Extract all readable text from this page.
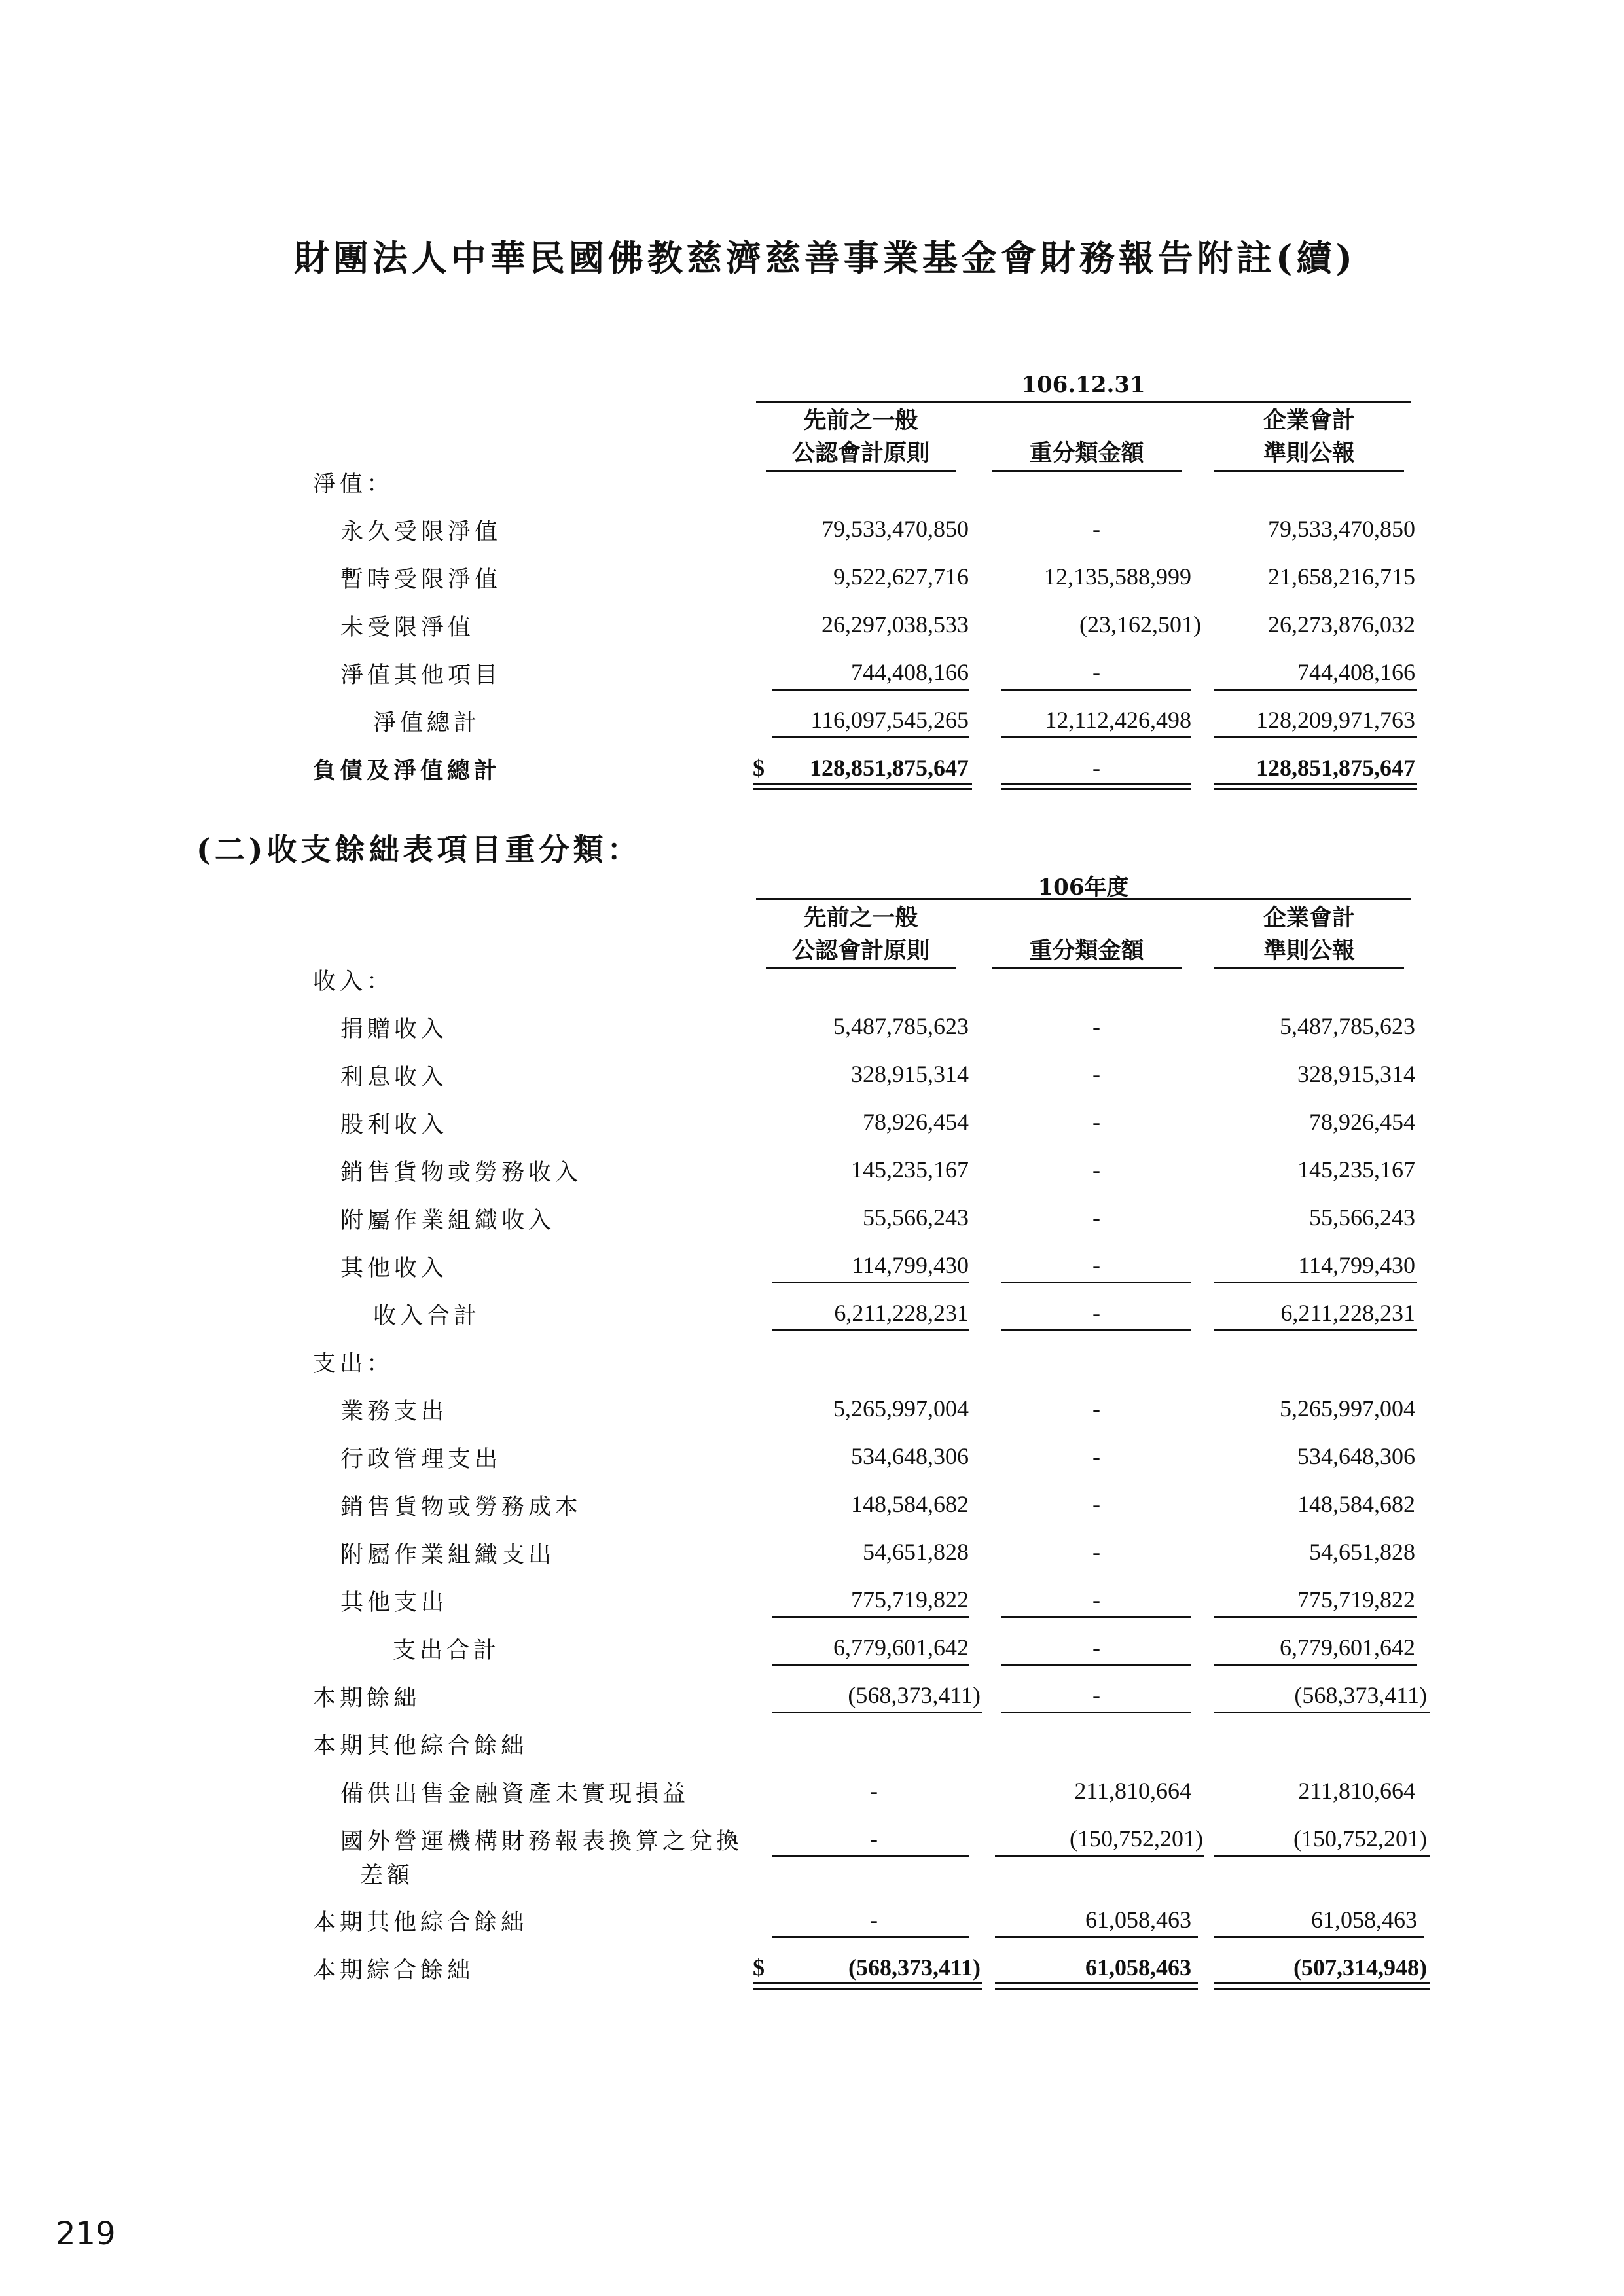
財團法人中華民國佛教慈濟慈善事業基金會財務報告附註(續)
106.12.31
先前之一般
公認會計原則	重分類金額
企業會計
準則公報
淨值：
永久受限淨值	79,533,470,850	-	79,533,470,850
暫時受限淨值	9,522,627,716	12,135,588,999	21,658,216,715
未受限淨值	26,297,038,533	(23,162,501)	26,273,876,032
淨值其他項目	744,408,166	-	744,408,166
淨值總計	116,097,545,265	12,112,426,498	128,209,971,763
負債及淨值總計	$	128,851,875,647	-	128,851,875,647
(二)收支餘絀表項目重分類：
106年度
先前之一般
公認會計原則	重分類金額
企業會計
準則公報
收入：
捐贈收入	5,487,785,623	-	5,487,785,623
利息收入	328,915,314	-	328,915,314
股利收入	78,926,454	-	78,926,454
銷售貨物或勞務收入	145,235,167	-	145,235,167
附屬作業組織收入	55,566,243	-	55,566,243
其他收入	114,799,430	-	114,799,430
收入合計	6,211,228,231	-	6,211,228,231
支出：
業務支出	5,265,997,004	-	5,265,997,004
行政管理支出	534,648,306	-	534,648,306
銷售貨物或勞務成本	148,584,682	-	148,584,682
附屬作業組織支出	54,651,828	-	54,651,828
其他支出	775,719,822	-	775,719,822
支出合計	6,779,601,642	-	6,779,601,642
本期餘絀	(568,373,411)	-	(568,373,411)
本期其他綜合餘絀
備供出售金融資產未實現損益	-	211,810,664	211,810,664
國外營運機構財務報表換算之兌換
差額
-	(150,752,201)	(150,752,201)
本期其他綜合餘絀	-	61,058,463	61,058,463
本期綜合餘絀	$	(568,373,411)	61,058,463	(507,314,948)
219
